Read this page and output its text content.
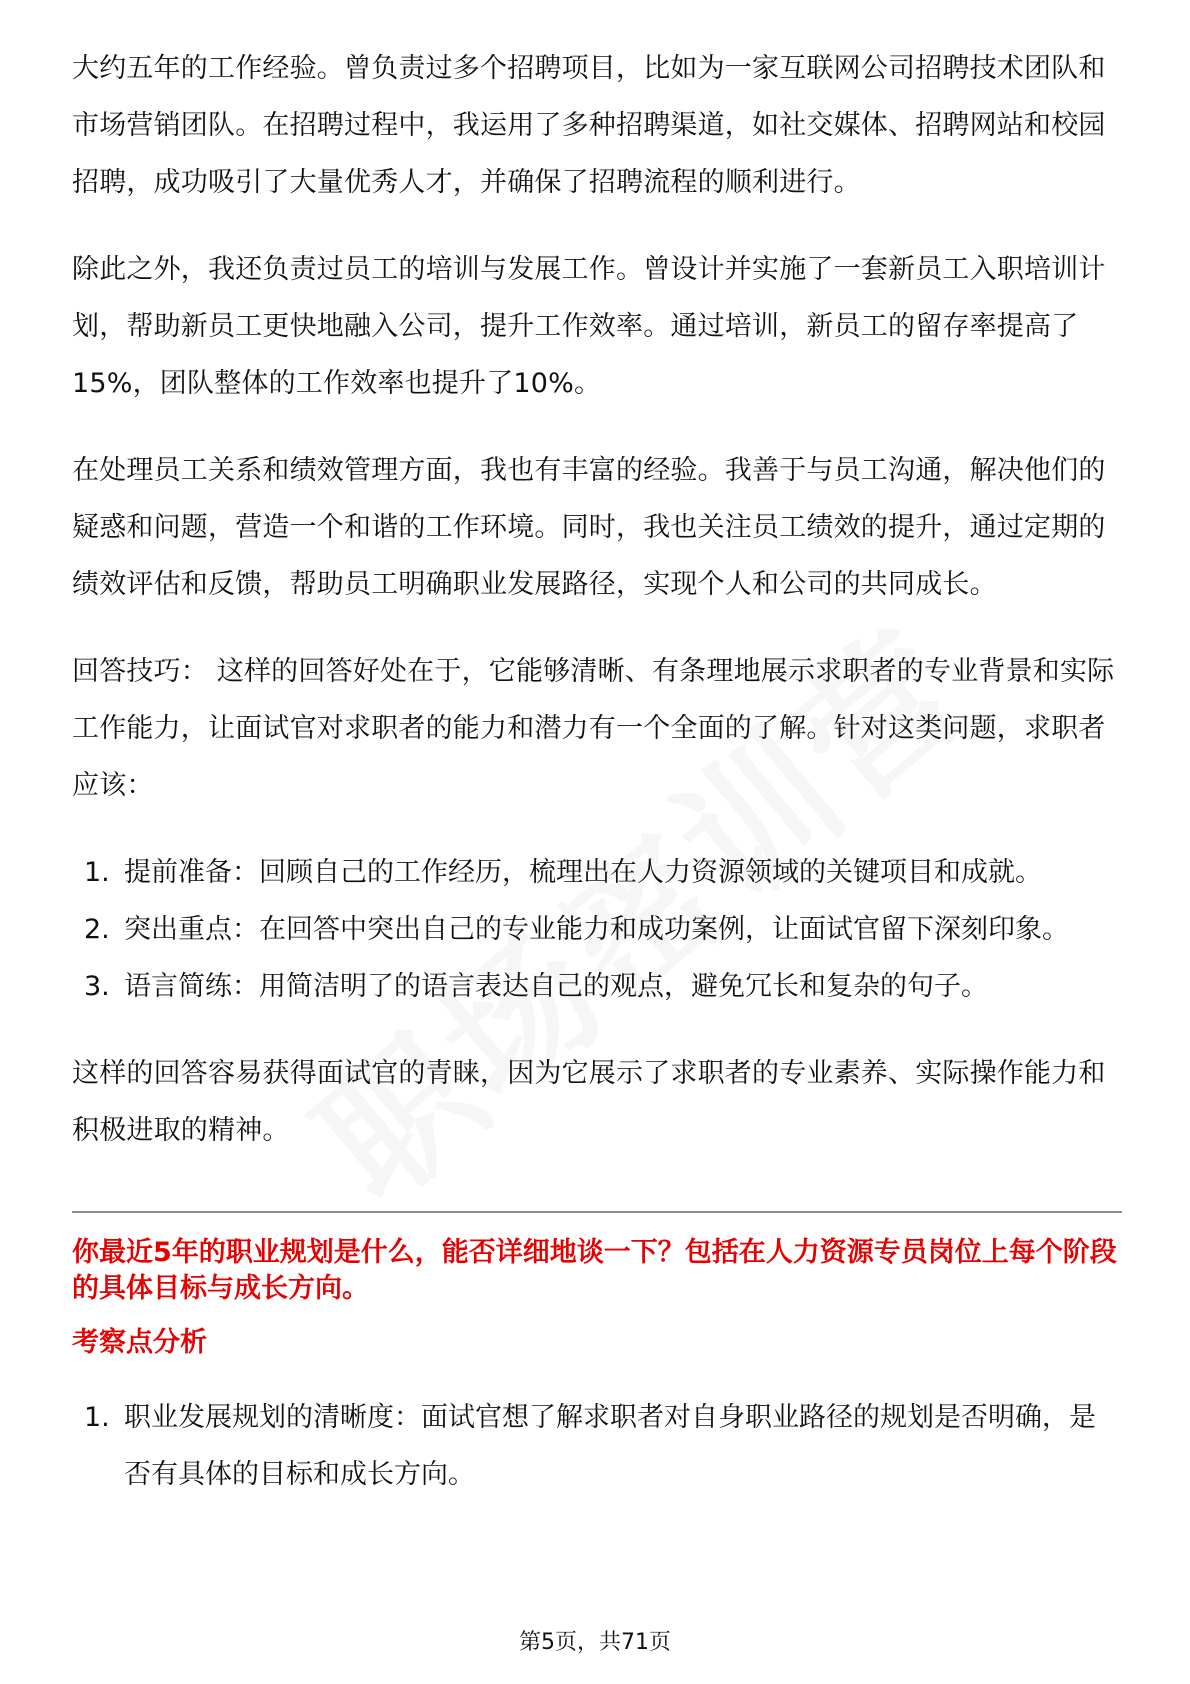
大约五年的工作经验。曾负责过多个招聘项目，比如为一家互联网公司招聘技术团队和市场营销团队。在招聘过程中，我运用了多种招聘渠道，如社交媒体、招聘网站和校园招聘，成功吸引了大量优秀人才，并确保了招聘流程的顺利进行。

除此之外，我还负责过员工的培训与发展工作。曾设计并实施了一套新员工入职培训计划，帮助新员工更快地融入公司，提升工作效率。通过培训，新员工的留存率提高了15%，团队整体的工作效率也提升了10%。

在处理员工关系和绩效管理方面，我也有丰富的经验。我善于与员工沟通，解决他们的疑惑和问题，营造一个和谐的工作环境。同时，我也关注员工绩效的提升，通过定期的绩效评估和反馈，帮助员工明确职业发展路径，实现个人和公司的共同成长。

回答技巧： 这样的回答好处在于，它能够清晰、有条理地展示求职者的专业背景和实际工作能力，让面试官对求职者的能力和潜力有一个全面的了解。针对这类问题，求职者应该：

1. 提前准备：回顾自己的工作经历，梳理出在人力资源领域的关键项目和成就。
2. 突出重点：在回答中突出自己的专业能力和成功案例，让面试官留下深刻印象。
3. 语言简练：用简洁明了的语言表达自己的观点，避免冗长和复杂的句子。

这样的回答容易获得面试官的青睐，因为它展示了求职者的专业素养、实际操作能力和积极进取的精神。

你最近5年的职业规划是什么，能否详细地谈一下？包括在人力资源专员岗位上每个阶段的具体目标与成长方向。
考察点分析
1. 职业发展规划的清晰度：面试官想了解求职者对自身职业路径的规划是否明确，是否有具体的目标和成长方向。
第5页，共71页
